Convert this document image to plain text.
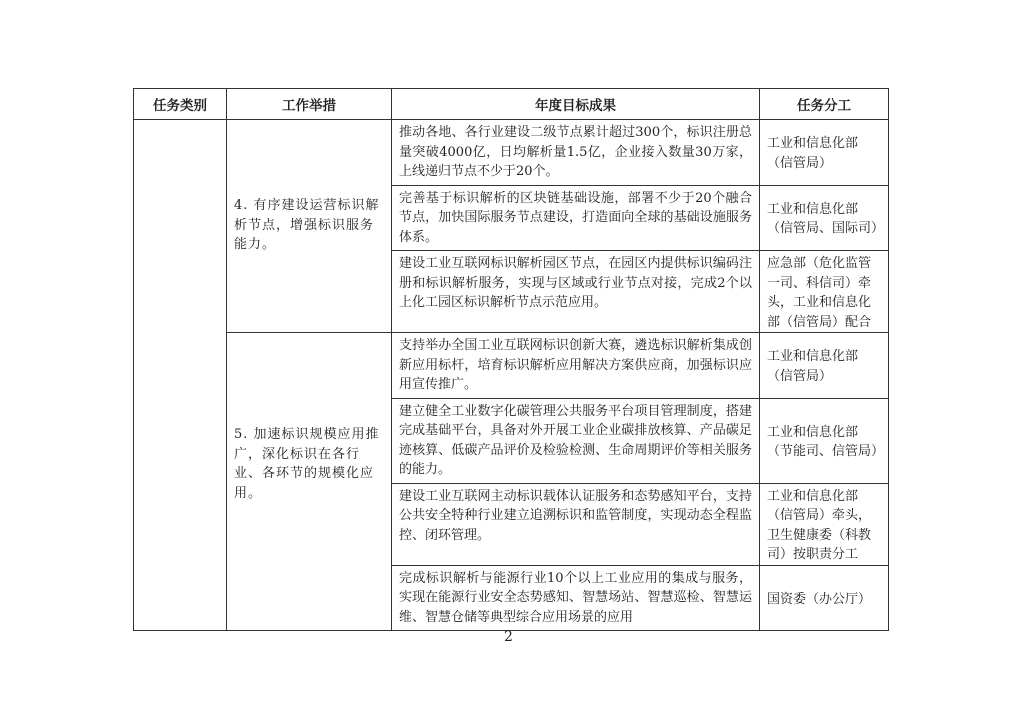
任务类别	工作举措	年度目标成果	任务分工
	4. 有序建设运营标识解析节点，增强标识服务能力。	推动各地、各行业建设二级节点累计超过300个，标识注册总量突破4000亿，日均解析量1.5亿，企业接入数量30万家，上线递归节点不少于20个。	工业和信息化部（信管局）
		完善基于标识解析的区块链基础设施，部署不少于20个融合节点，加快国际服务节点建设，打造面向全球的基础设施服务体系。	工业和信息化部（信管局、国际司）
		建设工业互联网标识解析园区节点，在园区内提供标识编码注册和标识解析服务，实现与区域或行业节点对接，完成2个以上化工园区标识解析节点示范应用。	应急部（危化监管一司、科信司）牵头，工业和信息化部（信管局）配合
	5. 加速标识规模应用推广，深化标识在各行业、各环节的规模化应用。	支持举办全国工业互联网标识创新大赛，遴选标识解析集成创新应用标杆，培育标识解析应用解决方案供应商，加强标识应用宣传推广。	工业和信息化部（信管局）
		建立健全工业数字化碳管理公共服务平台项目管理制度，搭建完成基础平台，具备对外开展工业企业碳排放核算、产品碳足迹核算、低碳产品评价及检验检测、生命周期评价等相关服务的能力。	工业和信息化部（节能司、信管局）
		建设工业互联网主动标识载体认证服务和态势感知平台，支持公共安全特种行业建立追溯标识和监管制度，实现动态全程监控、闭环管理。	工业和信息化部（信管局）牵头，卫生健康委（科教司）按职责分工
		完成标识解析与能源行业10个以上工业应用的集成与服务，实现在能源行业安全态势感知、智慧场站、智慧巡检、智慧运维、智慧仓储等典型综合应用场景的应用	国资委（办公厅）
2
